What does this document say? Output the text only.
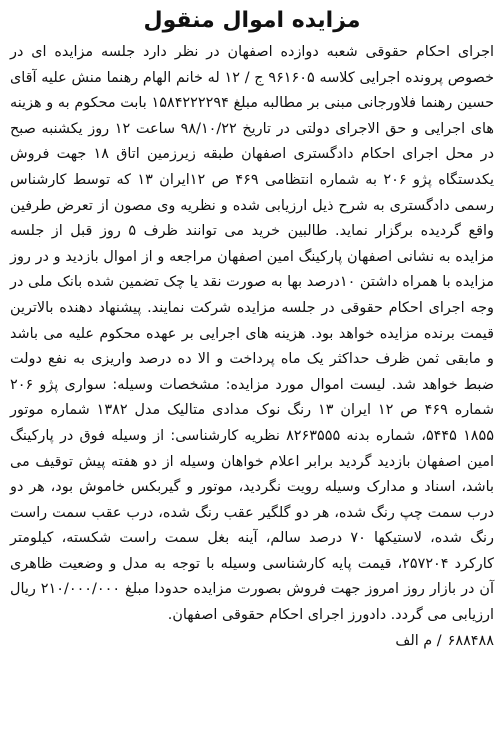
مزایده اموال منقول

اجرای احکام حقوقی شعبه دوازده اصفهان در نظر دارد جلسه مزایده ای در خصوص پرونده اجرایی کلاسه ۹۶۱۶۰۵ ج / ۱۲ له خانم الهام رهنما منش علیه آقای حسین رهنما فلاورجانی مبنی بر مطالبه مبلغ ۱۵۸۴۲۲۲۲۹۴ بابت محکوم به و هزینه های اجرایی و حق الاجرای دولتی در تاریخ ۹۸/۱۰/۲۲ ساعت ۱۲ روز یکشنبه صبح در محل اجرای احکام دادگستری اصفهان طبقه زیرزمین اتاق ۱۸ جهت فروش یکدستگاه پژو ۲۰۶ به شماره انتظامی ۴۶۹ ص ۱۲ایران ۱۳ که توسط کارشناس رسمی دادگستری به شرح ذیل ارزیابی شده و نظریه وی مصون از تعرض طرفین واقع گردیده برگزار نماید. طالبین خرید می توانند ظرف ۵ روز قبل از جلسه مزایده به نشانی اصفهان پارکینگ امین اصفهان مراجعه و از اموال بازدید و در روز مزایده با همراه داشتن ۱۰درصد بها به صورت نقد یا چک تضمین شده بانک ملی در وجه اجرای احکام حقوقی در جلسه مزایده شرکت نمایند. پیشنهاد دهنده بالاترین قیمت برنده مزایده خواهد بود. هزینه های اجرایی بر عهده محکوم علیه می باشد و مابقی ثمن ظرف حداکثر یک ماه پرداخت و الا ده درصد واریزی به نفع دولت ضبط خواهد شد. لیست اموال مورد مزایده: مشخصات وسیله: سواری پژو ۲۰۶ شماره ۴۶۹ ص ۱۲ ایران ۱۳ رنگ نوک مدادی متالیک مدل ۱۳۸۲ شماره موتور ۱۸۵۵ ۵۴۴۵، شماره بدنه ۸۲۶۳۵۵۵ نظریه کارشناسی: از وسیله فوق در پارکینگ امین اصفهان بازدید گردید برابر اعلام خواهان وسیله از دو هفته پیش توقیف می باشد، اسناد و مدارک وسیله رویت نگردید، موتور و گیربکس خاموش بود، هر دو درب سمت چپ رنگ شده، هر دو گلگیر عقب رنگ شده، درب عقب سمت راست رنگ شده، لاستیکها ۷۰ درصد سالم، آینه بغل سمت راست شکسته، کیلومتر کارکرد ۲۵۷۲۰۴، قیمت پایه کارشناسی وسیله با توجه به مدل و وضعیت ظاهری آن در بازار روز امروز جهت فروش بصورت مزایده حدودا مبلغ ۲۱۰/۰۰۰/۰۰۰ ریال ارزیابی می گردد. دادورز اجرای احکام حقوقی اصفهان.

۶۸۸۴۸۸/ م الف
